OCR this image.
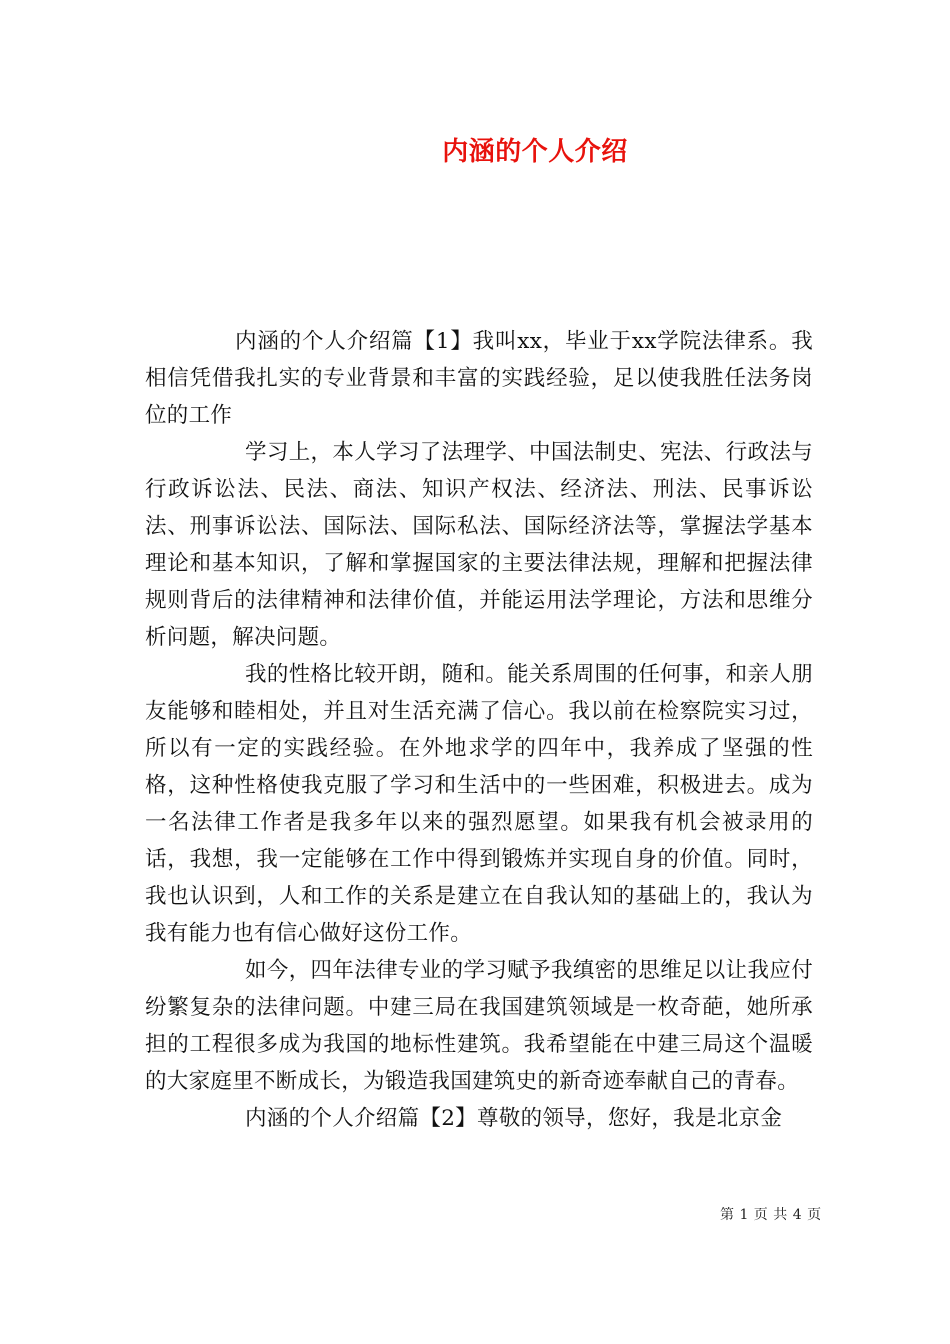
内涵的个人介绍

内涵的个人介绍篇【1】我叫xx，毕业于xx学院法律系。我相信凭借我扎实的专业背景和丰富的实践经验，足以使我胜任法务岗位的工作

学习上，本人学习了法理学、中国法制史、宪法、行政法与行政诉讼法、民法、商法、知识产权法、经济法、刑法、民事诉讼法、刑事诉讼法、国际法、国际私法、国际经济法等，掌握法学基本理论和基本知识，了解和掌握国家的主要法律法规，理解和把握法律规则背后的法律精神和法律价值，并能运用法学理论，方法和思维分析问题，解决问题。

我的性格比较开朗，随和。能关系周围的任何事，和亲人朋友能够和睦相处，并且对生活充满了信心。我以前在检察院实习过，所以有一定的实践经验。在外地求学的四年中，我养成了坚强的性格，这种性格使我克服了学习和生活中的一些困难，积极进去。成为一名法律工作者是我多年以来的强烈愿望。如果我有机会被录用的话，我想，我一定能够在工作中得到锻炼并实现自身的价值。同时，我也认识到，人和工作的关系是建立在自我认知的基础上的，我认为我有能力也有信心做好这份工作。

如今，四年法律专业的学习赋予我缜密的思维足以让我应付纷繁复杂的法律问题。中建三局在我国建筑领域是一枚奇葩，她所承担的工程很多成为我国的地标性建筑。我希望能在中建三局这个温暖的大家庭里不断成长，为锻造我国建筑史的新奇迹奉献自己的青春。

内涵的个人介绍篇【2】尊敬的领导，您好，我是北京金

第 1 页 共 4 页
